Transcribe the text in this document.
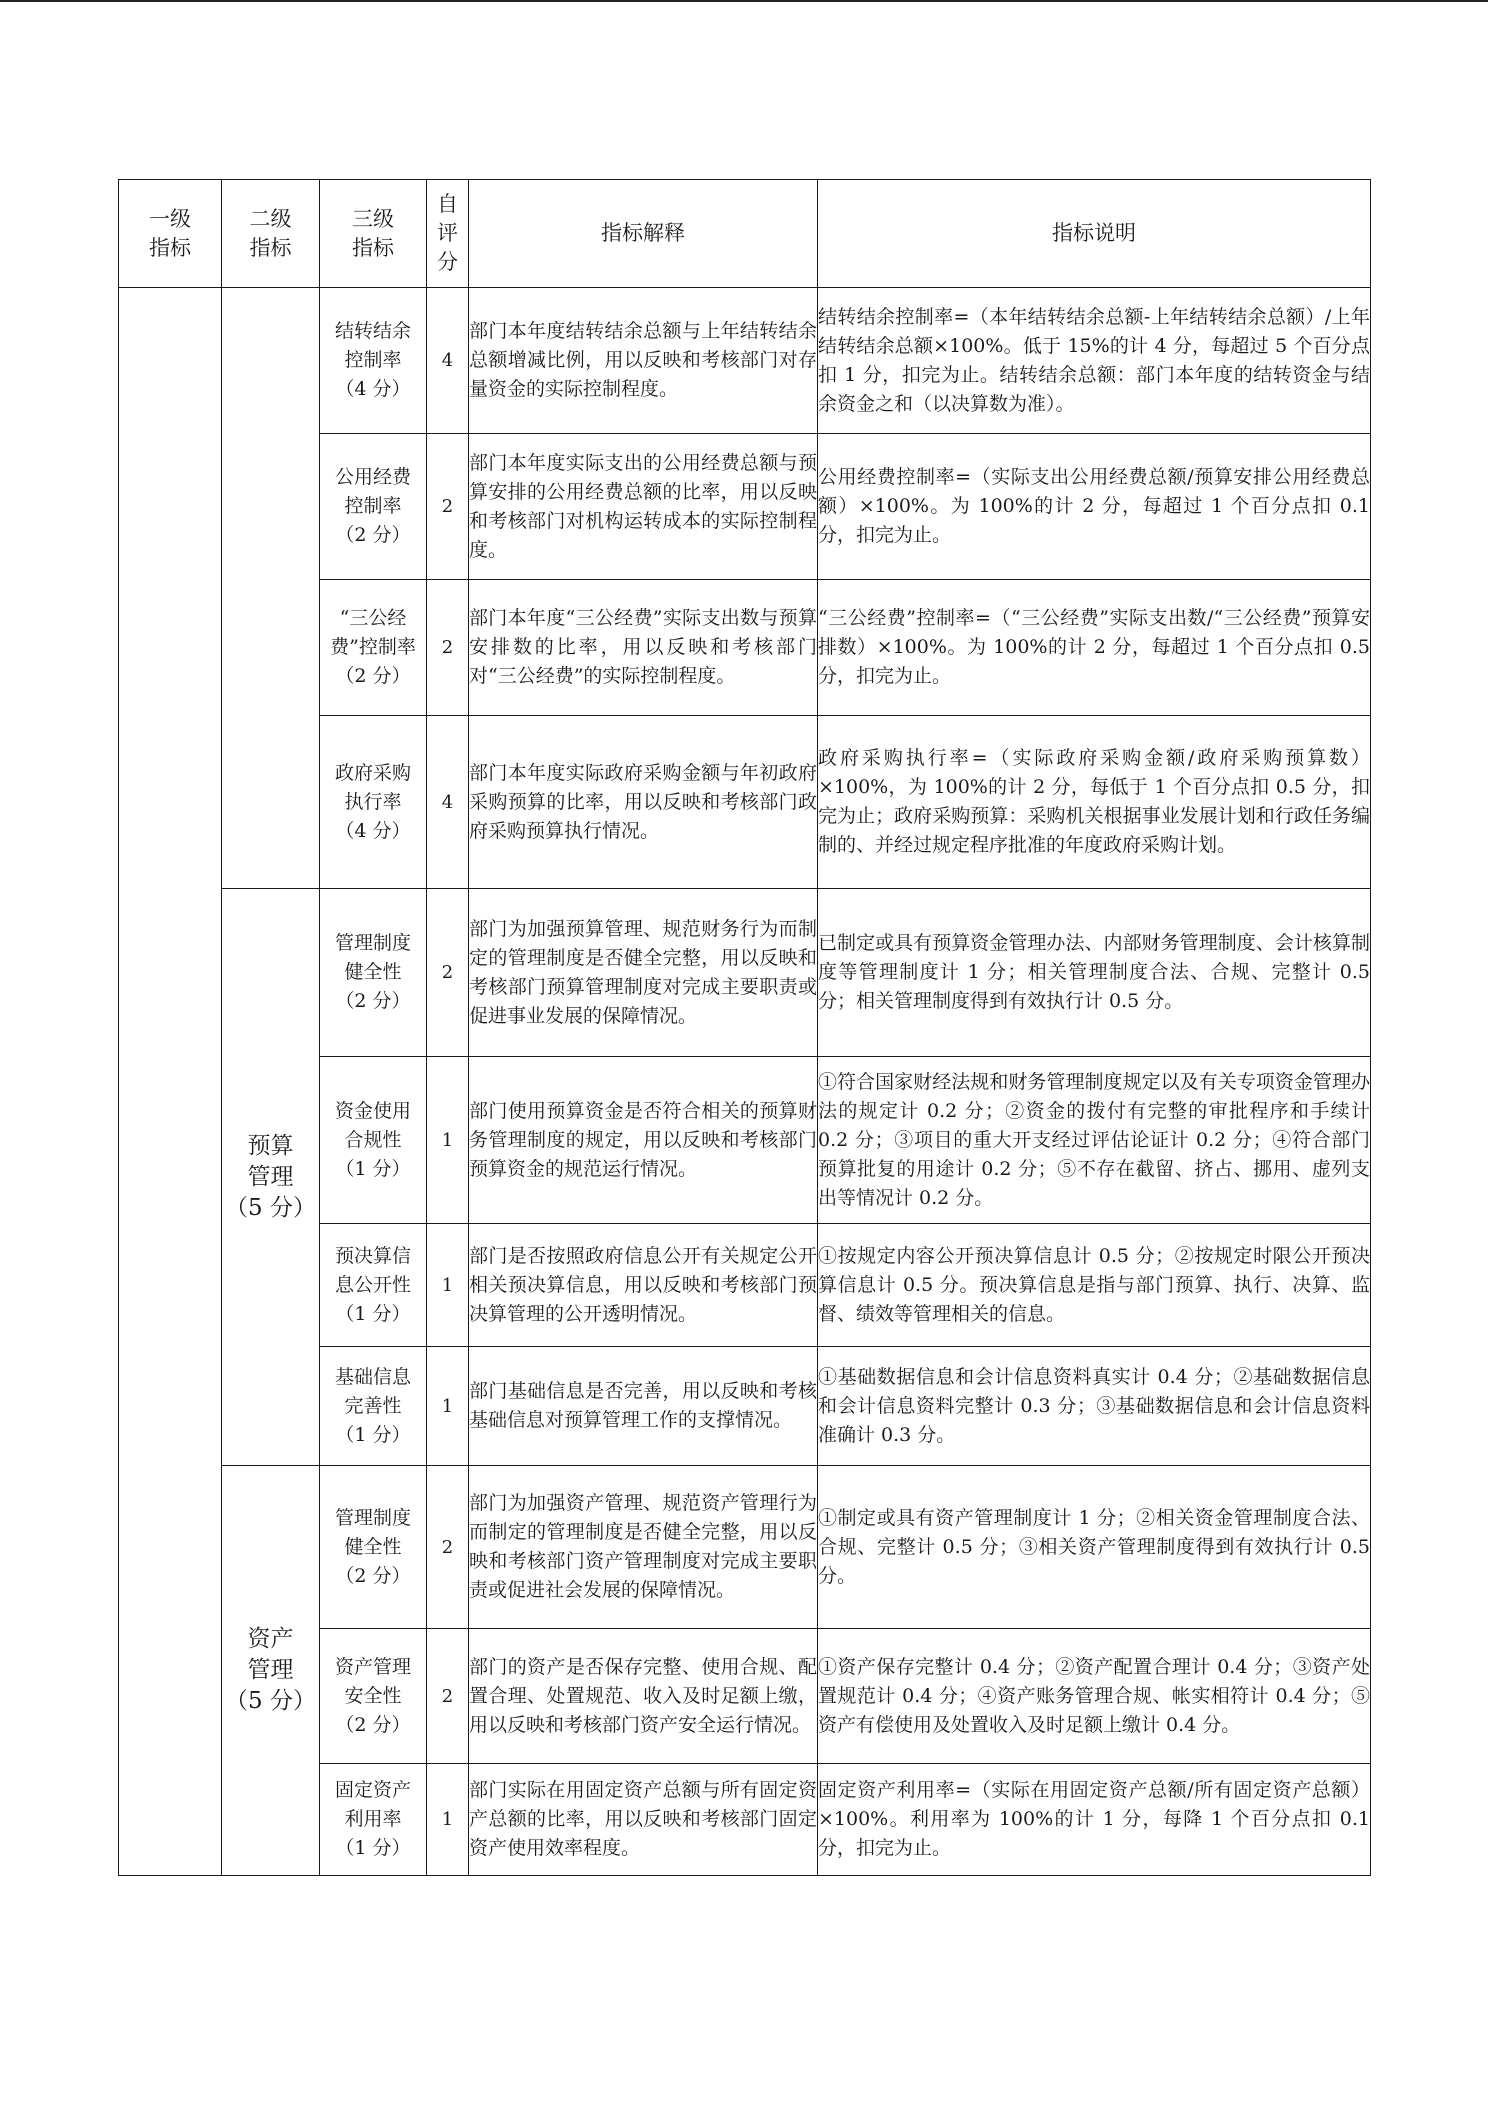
一级
指标	二级
指标	三级
指标	自
评
分	指标解释	指标说明

		结转结余
控制率
（4 分）	4	部门本年度结转结余总额与上年结转结余总额增减比例，用以反映和考核部门对存量资金的实际控制程度。	结转结余控制率=（本年结转结余总额-上年结转结余总额）/上年结转结余总额×100%。低于 15%的计 4 分，每超过 5 个百分点扣 1 分，扣完为止。结转结余总额：部门本年度的结转资金与结余资金之和（以决算数为准）。

		公用经费
控制率
（2 分）	2	部门本年度实际支出的公用经费总额与预算安排的公用经费总额的比率，用以反映和考核部门对机构运转成本的实际控制程度。	公用经费控制率=（实际支出公用经费总额/预算安排公用经费总额）×100%。为 100%的计 2 分，每超过 1 个百分点扣 0.1 分，扣完为止。

		“三公经
费”控制率
（2 分）	2	部门本年度“三公经费”实际支出数与预算安排数的比率，用以反映和考核部门对“三公经费”的实际控制程度。	“三公经费”控制率=（“三公经费”实际支出数/“三公经费”预算安排数）×100%。为 100%的计 2 分，每超过 1 个百分点扣 0.5 分，扣完为止。

		政府采购
执行率
（4 分）	4	部门本年度实际政府采购金额与年初政府采购预算的比率，用以反映和考核部门政府采购预算执行情况。	政府采购执行率=（实际政府采购金额/政府采购预算数）×100%，为 100%的计 2 分，每低于 1 个百分点扣 0.5 分，扣完为止；政府采购预算：采购机关根据事业发展计划和行政任务编制的、并经过规定程序批准的年度政府采购计划。

	预算
管理
（5 分）	管理制度
健全性
（2 分）	2	部门为加强预算管理、规范财务行为而制定的管理制度是否健全完整，用以反映和考核部门预算管理制度对完成主要职责或促进事业发展的保障情况。	已制定或具有预算资金管理办法、内部财务管理制度、会计核算制度等管理制度计 1 分；相关管理制度合法、合规、完整计 0.5 分；相关管理制度得到有效执行计 0.5 分。

		资金使用
合规性
（1 分）	1	部门使用预算资金是否符合相关的预算财务管理制度的规定，用以反映和考核部门预算资金的规范运行情况。	①符合国家财经法规和财务管理制度规定以及有关专项资金管理办法的规定计 0.2 分；②资金的拨付有完整的审批程序和手续计 0.2 分；③项目的重大开支经过评估论证计 0.2 分；④符合部门预算批复的用途计 0.2 分；⑤不存在截留、挤占、挪用、虚列支出等情况计 0.2 分。

		预决算信
息公开性
（1 分）	1	部门是否按照政府信息公开有关规定公开相关预决算信息，用以反映和考核部门预决算管理的公开透明情况。	①按规定内容公开预决算信息计 0.5 分；②按规定时限公开预决算信息计 0.5 分。预决算信息是指与部门预算、执行、决算、监督、绩效等管理相关的信息。

		基础信息
完善性
（1 分）	1	部门基础信息是否完善，用以反映和考核基础信息对预算管理工作的支撑情况。	①基础数据信息和会计信息资料真实计 0.4 分；②基础数据信息和会计信息资料完整计 0.3 分；③基础数据信息和会计信息资料准确计 0.3 分。

	资产
管理
（5 分）	管理制度
健全性
（2 分）	2	部门为加强资产管理、规范资产管理行为而制定的管理制度是否健全完整，用以反映和考核部门资产管理制度对完成主要职责或促进社会发展的保障情况。	①制定或具有资产管理制度计 1 分；②相关资金管理制度合法、合规、完整计 0.5 分；③相关资产管理制度得到有效执行计 0.5 分。

		资产管理
安全性
（2 分）	2	部门的资产是否保存完整、使用合规、配置合理、处置规范、收入及时足额上缴，用以反映和考核部门资产安全运行情况。	①资产保存完整计 0.4 分；②资产配置合理计 0.4 分；③资产处置规范计 0.4 分；④资产账务管理合规、帐实相符计 0.4 分；⑤资产有偿使用及处置收入及时足额上缴计 0.4 分。

		固定资产
利用率
（1 分）	1	部门实际在用固定资产总额与所有固定资产总额的比率，用以反映和考核部门固定资产使用效率程度。	固定资产利用率=（实际在用固定资产总额/所有固定资产总额）×100%。利用率为 100%的计 1 分，每降 1 个百分点扣 0.1 分，扣完为止。
